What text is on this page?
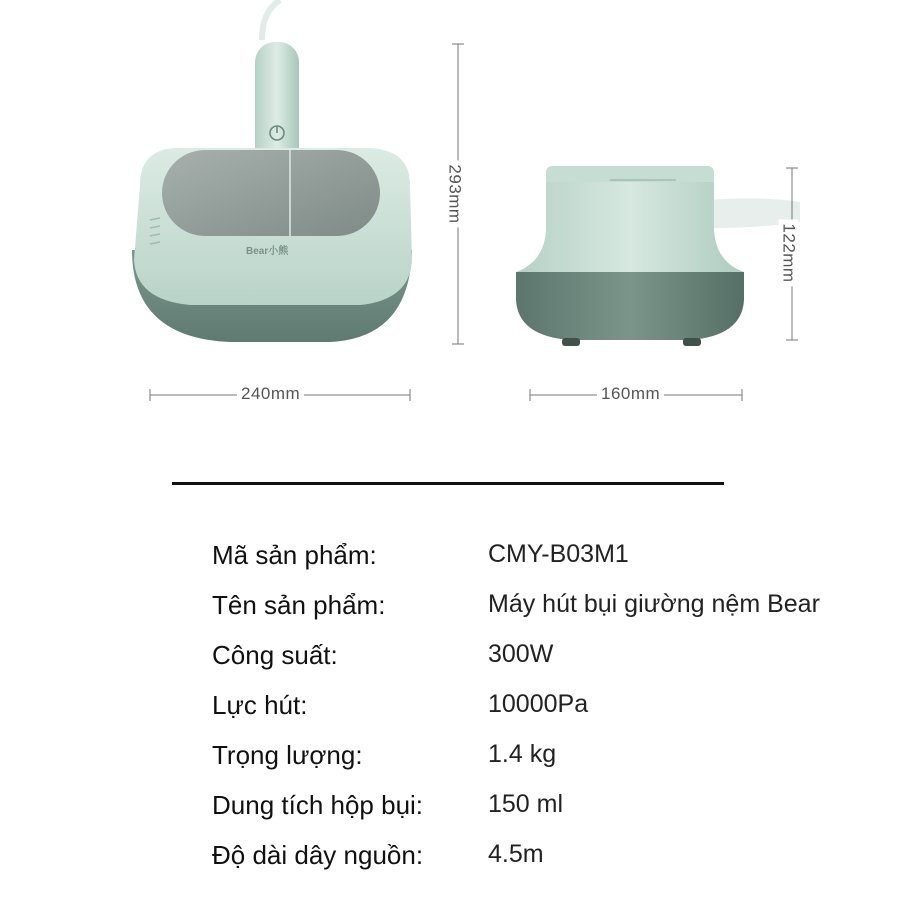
Bear小熊
240mm	160mm
293mm
122mm
Mã sản phẩm:	CMY-B03M1
Tên sản phẩm:	Máy hút bụi giường nệm Bear
Công suất:	300W
Lực hút:	10000Pa
Trọng lượng:	1.4 kg
Dung tích hộp bụi:	150 ml
Độ dài dây nguồn:	4.5m
